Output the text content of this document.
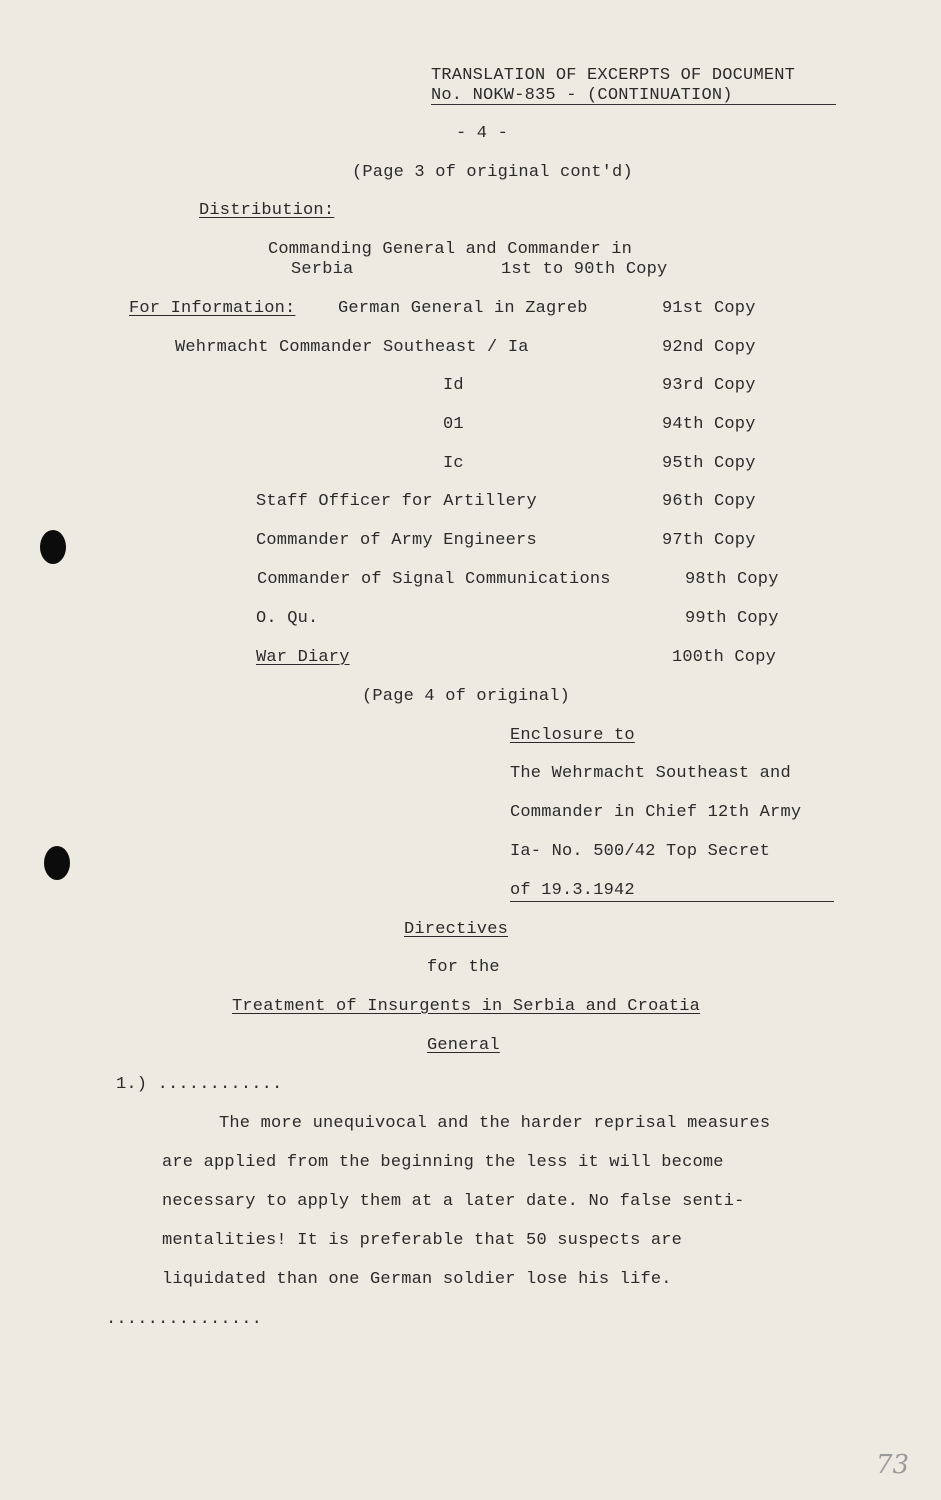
TRANSLATION OF EXCERPTS OF DOCUMENT
No. NOKW-835 - (CONTINUATION)
- 4 -
(Page 3 of original cont'd)
Distribution:
Commanding General and Commander in
Serbia	1st to 90th Copy
For Information:	German General in Zagreb	91st Copy
Wehrmacht Commander Southeast / Ia	92nd Copy
Id	93rd Copy
01	94th Copy
Ic	95th Copy
Staff Officer for Artillery	96th Copy
Commander of Army Engineers	97th Copy
Commander of Signal Communications	98th Copy
O. Qu.	99th Copy
War Diary	100th Copy
(Page 4 of original)
Enclosure to
The Wehrmacht Southeast and
Commander in Chief 12th Army
Ia- No. 500/42 Top Secret
of 19.3.1942
Directives
for the
Treatment of Insurgents in Serbia and Croatia
General
1.) ............
The more unequivocal and the harder reprisal measures
are applied from the beginning the less it will become
necessary to apply them at a later date. No false senti-
mentalities! It is preferable that 50 suspects are
liquidated than one German soldier lose his life.
...............
73
